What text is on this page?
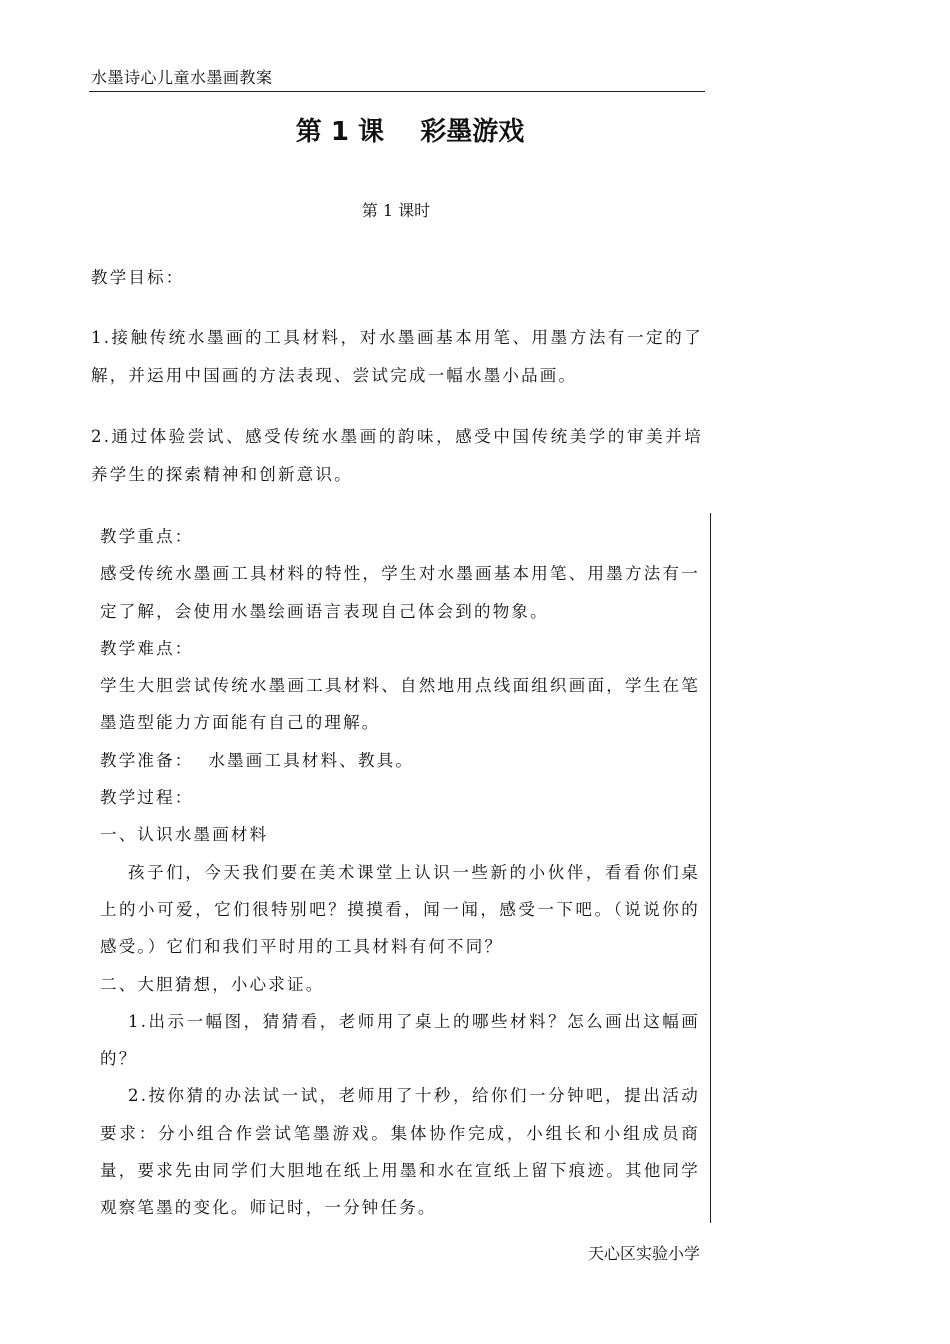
水墨诗心儿童水墨画教案
第 1 课    彩墨游戏
第 1 课时
教学目标：
1.接触传统水墨画的工具材料，对水墨画基本用笔、用墨方法有一定的了解，并运用中国画的方法表现、尝试完成一幅水墨小品画。
2.通过体验尝试、感受传统水墨画的韵味，感受中国传统美学的审美并培养学生的探索精神和创新意识。

教学重点：

感受传统水墨画工具材料的特性，学生对水墨画基本用笔、用墨方法有一定了解，会使用水墨绘画语言表现自己体会到的物象。

教学难点：

学生大胆尝试传统水墨画工具材料、自然地用点线面组织画面，学生在笔墨造型能力方面能有自己的理解。

教学准备：  水墨画工具材料、教具。

教学过程：

一、认识水墨画材料

孩子们，今天我们要在美术课堂上认识一些新的小伙伴，看看你们桌上的小可爱，它们很特别吧？摸摸看，闻一闻，感受一下吧。（说说你的感受。）它们和我们平时用的工具材料有何不同？

二、大胆猜想，小心求证。

1.出示一幅图，猜猜看，老师用了桌上的哪些材料？怎么画出这幅画的？

2.按你猜的办法试一试，老师用了十秒，给你们一分钟吧，提出活动要求：分小组合作尝试笔墨游戏。集体协作完成，小组长和小组成员商量，要求先由同学们大胆地在纸上用墨和水在宣纸上留下痕迹。其他同学观察笔墨的变化。师记时，一分钟任务。

天心区实验小学
